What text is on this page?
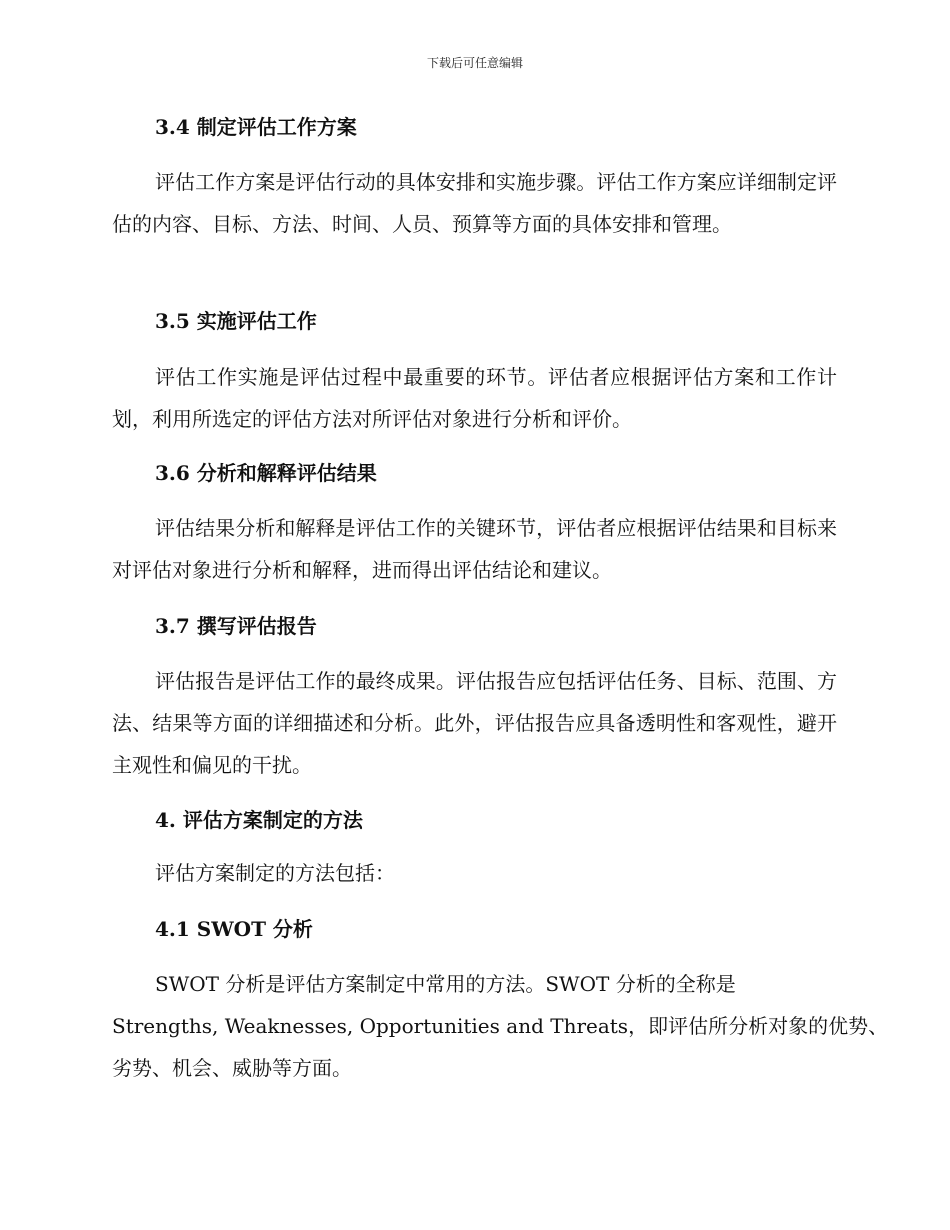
下载后可任意编辑
3.4 制定评估工作方案
评估工作方案是评估行动的具体安排和实施步骤。评估工作方案应详细制定评估的内容、目标、方法、时间、人员、预算等方面的具体安排和管理。
3.5 实施评估工作
评估工作实施是评估过程中最重要的环节。评估者应根据评估方案和工作计划，利用所选定的评估方法对所评估对象进行分析和评价。
3.6 分析和解释评估结果
评估结果分析和解释是评估工作的关键环节，评估者应根据评估结果和目标来对评估对象进行分析和解释，进而得出评估结论和建议。
3.7 撰写评估报告
评估报告是评估工作的最终成果。评估报告应包括评估任务、目标、范围、方法、结果等方面的详细描述和分析。此外，评估报告应具备透明性和客观性，避开主观性和偏见的干扰。
4. 评估方案制定的方法
评估方案制定的方法包括：
4.1 SWOT 分析
SWOT 分析是评估方案制定中常用的方法。SWOT 分析的全称是
Strengths, Weaknesses, Opportunities and Threats，即评估所分析对象的优势、
劣势、机会、威胁等方面。
